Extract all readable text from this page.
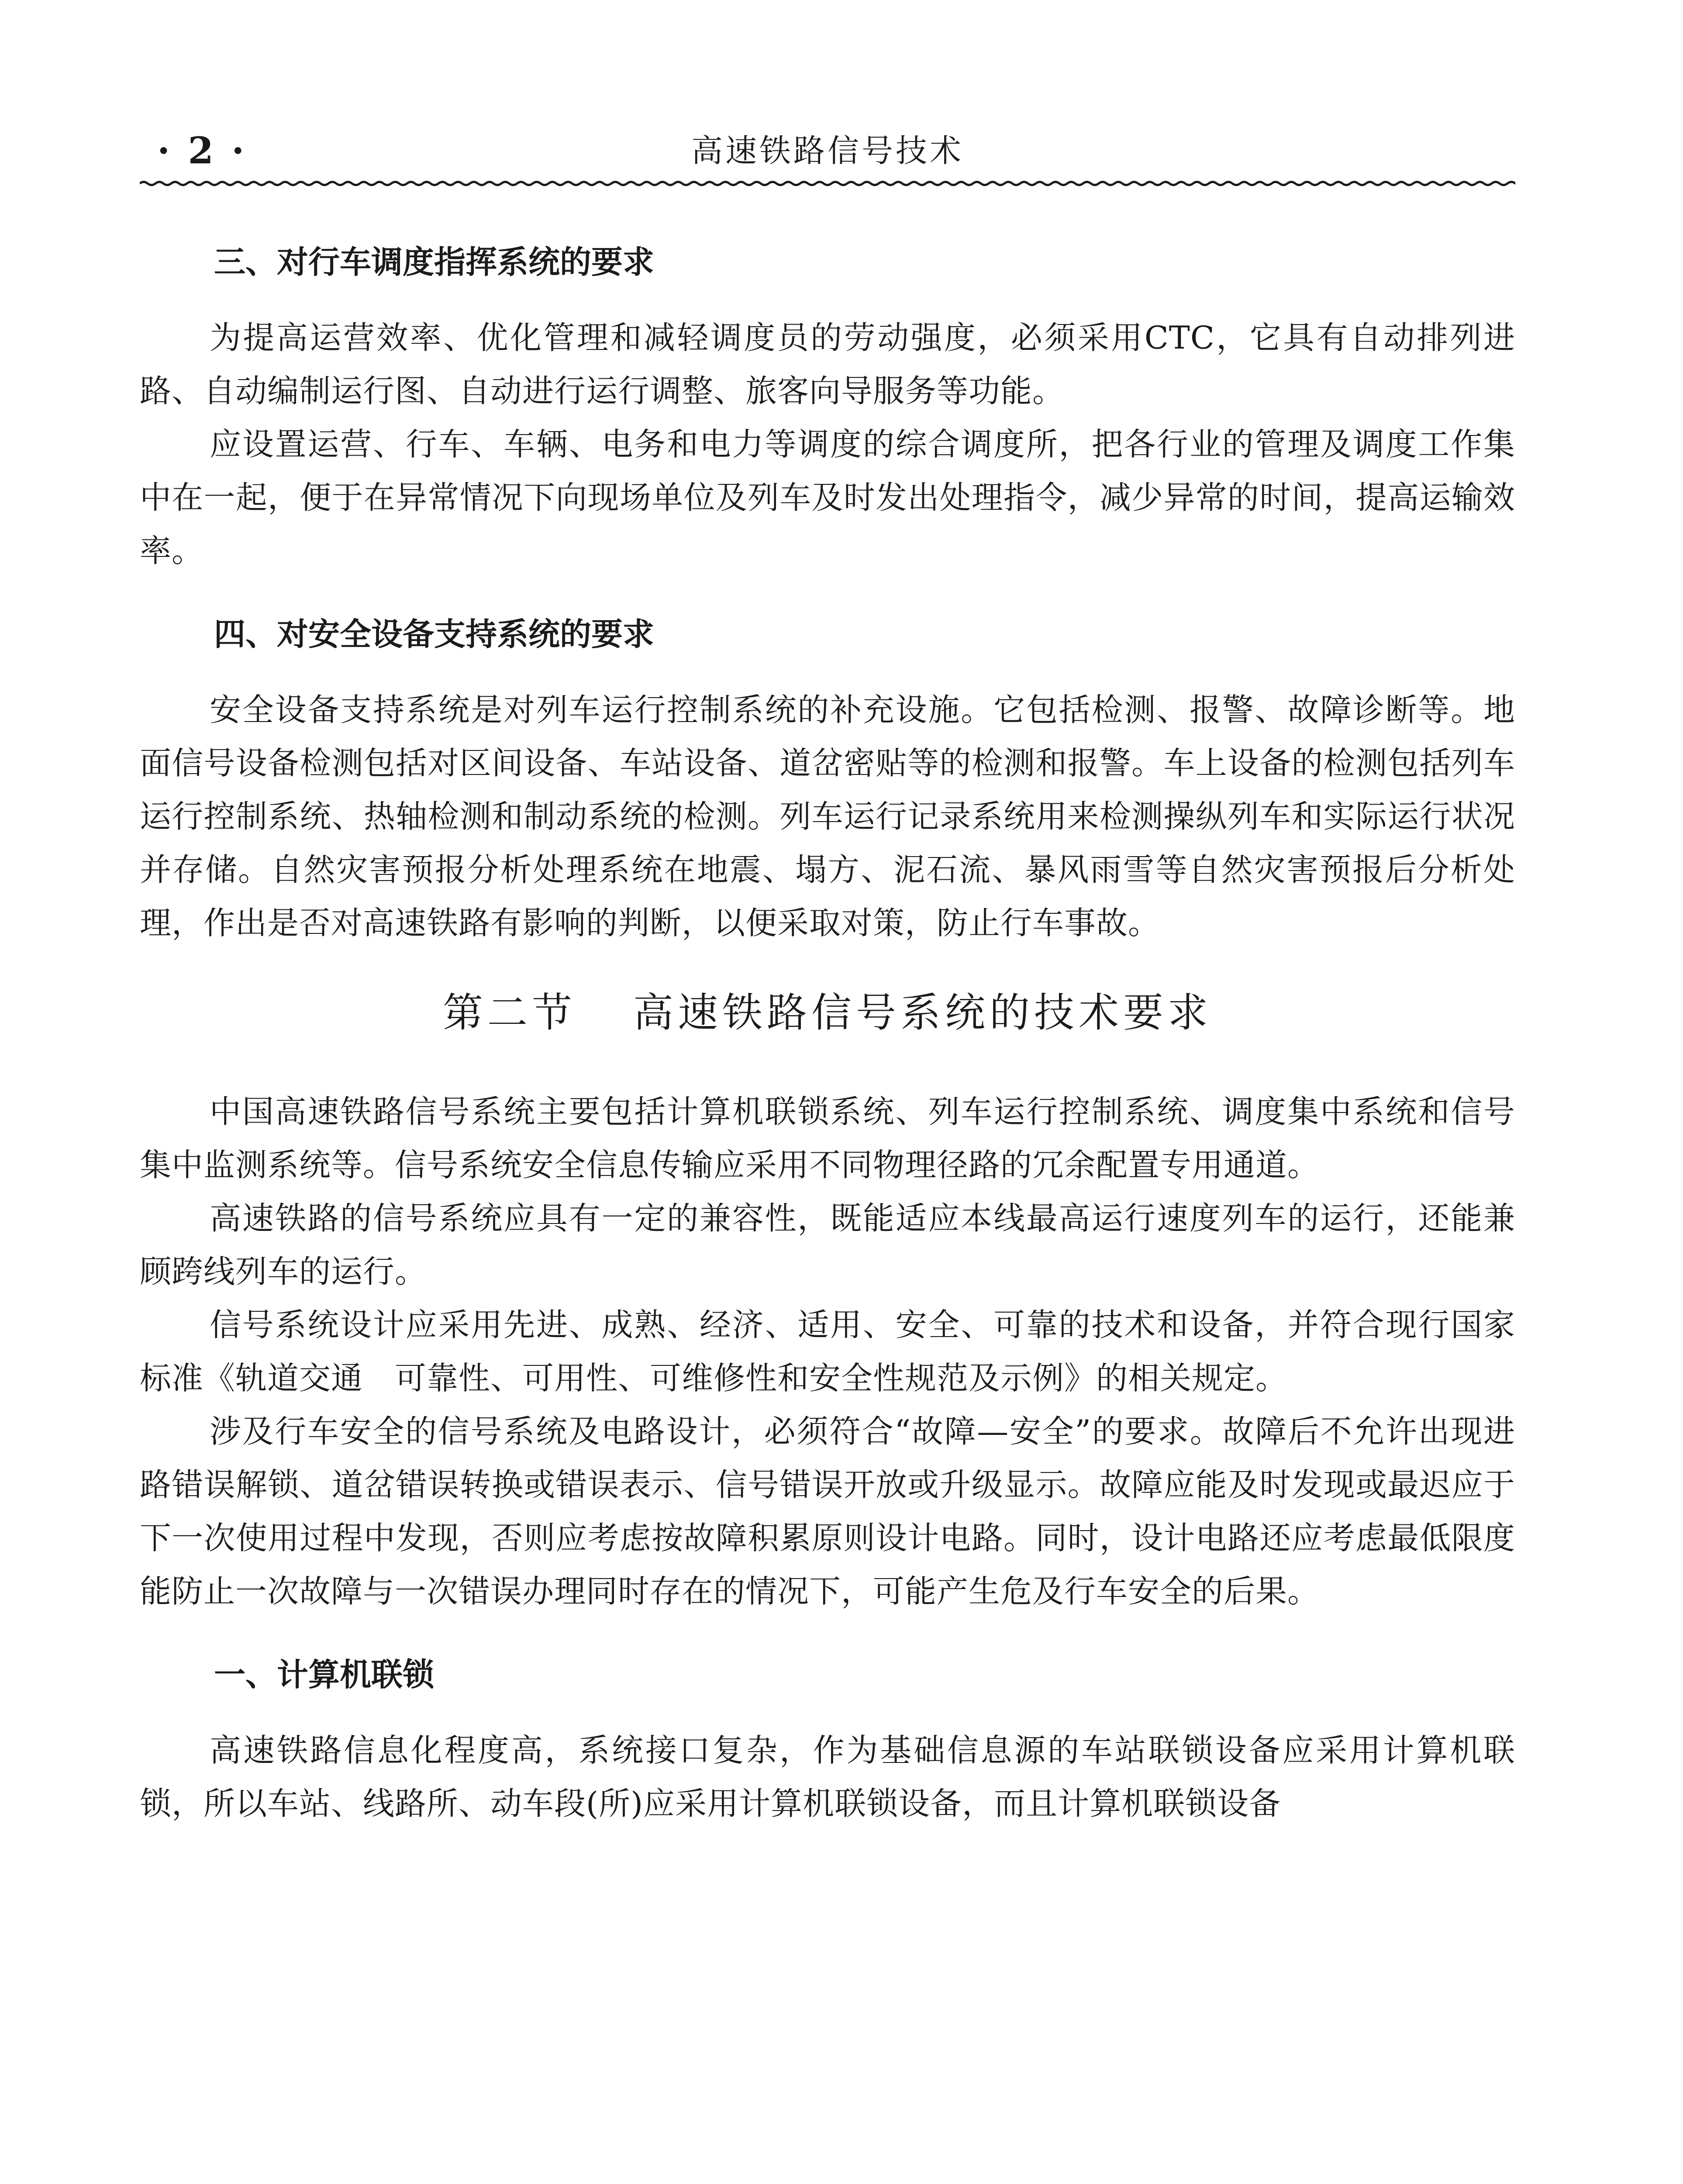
高速铁路信号技术
· 2 ·
三、对行车调度指挥系统的要求

为提高运营效率、优化管理和减轻调度员的劳动强度，必须采用CTC，它具有自动排列进路、自动编制运行图、自动进行运行调整、旅客向导服务等功能。

应设置运营、行车、车辆、电务和电力等调度的综合调度所，把各行业的管理及调度工作集中在一起，便于在异常情况下向现场单位及列车及时发出处理指令，减少异常的时间，提高运输效率。

四、对安全设备支持系统的要求

安全设备支持系统是对列车运行控制系统的补充设施。它包括检测、报警、故障诊断等。地面信号设备检测包括对区间设备、车站设备、道岔密贴等的检测和报警。车上设备的检测包括列车运行控制系统、热轴检测和制动系统的检测。列车运行记录系统用来检测操纵列车和实际运行状况并存储。自然灾害预报分析处理系统在地震、塌方、泥石流、暴风雨雪等自然灾害预报后分析处理，作出是否对高速铁路有影响的判断，以便采取对策，防止行车事故。

第二节 高速铁路信号系统的技术要求

中国高速铁路信号系统主要包括计算机联锁系统、列车运行控制系统、调度集中系统和信号集中监测系统等。信号系统安全信息传输应采用不同物理径路的冗余配置专用通道。

高速铁路的信号系统应具有一定的兼容性，既能适应本线最高运行速度列车的运行，还能兼顾跨线列车的运行。

信号系统设计应采用先进、成熟、经济、适用、安全、可靠的技术和设备，并符合现行国家标准《轨道交通　可靠性、可用性、可维修性和安全性规范及示例》的相关规定。

涉及行车安全的信号系统及电路设计，必须符合“故障—安全”的要求。故障后不允许出现进路错误解锁、道岔错误转换或错误表示、信号错误开放或升级显示。故障应能及时发现或最迟应于下一次使用过程中发现，否则应考虑按故障积累原则设计电路。同时，设计电路还应考虑最低限度能防止一次故障与一次错误办理同时存在的情况下，可能产生危及行车安全的后果。

一、计算机联锁

高速铁路信息化程度高，系统接口复杂，作为基础信息源的车站联锁设备应采用计算机联锁，所以车站、线路所、动车段(所)应采用计算机联锁设备，而且计算机联锁设备
